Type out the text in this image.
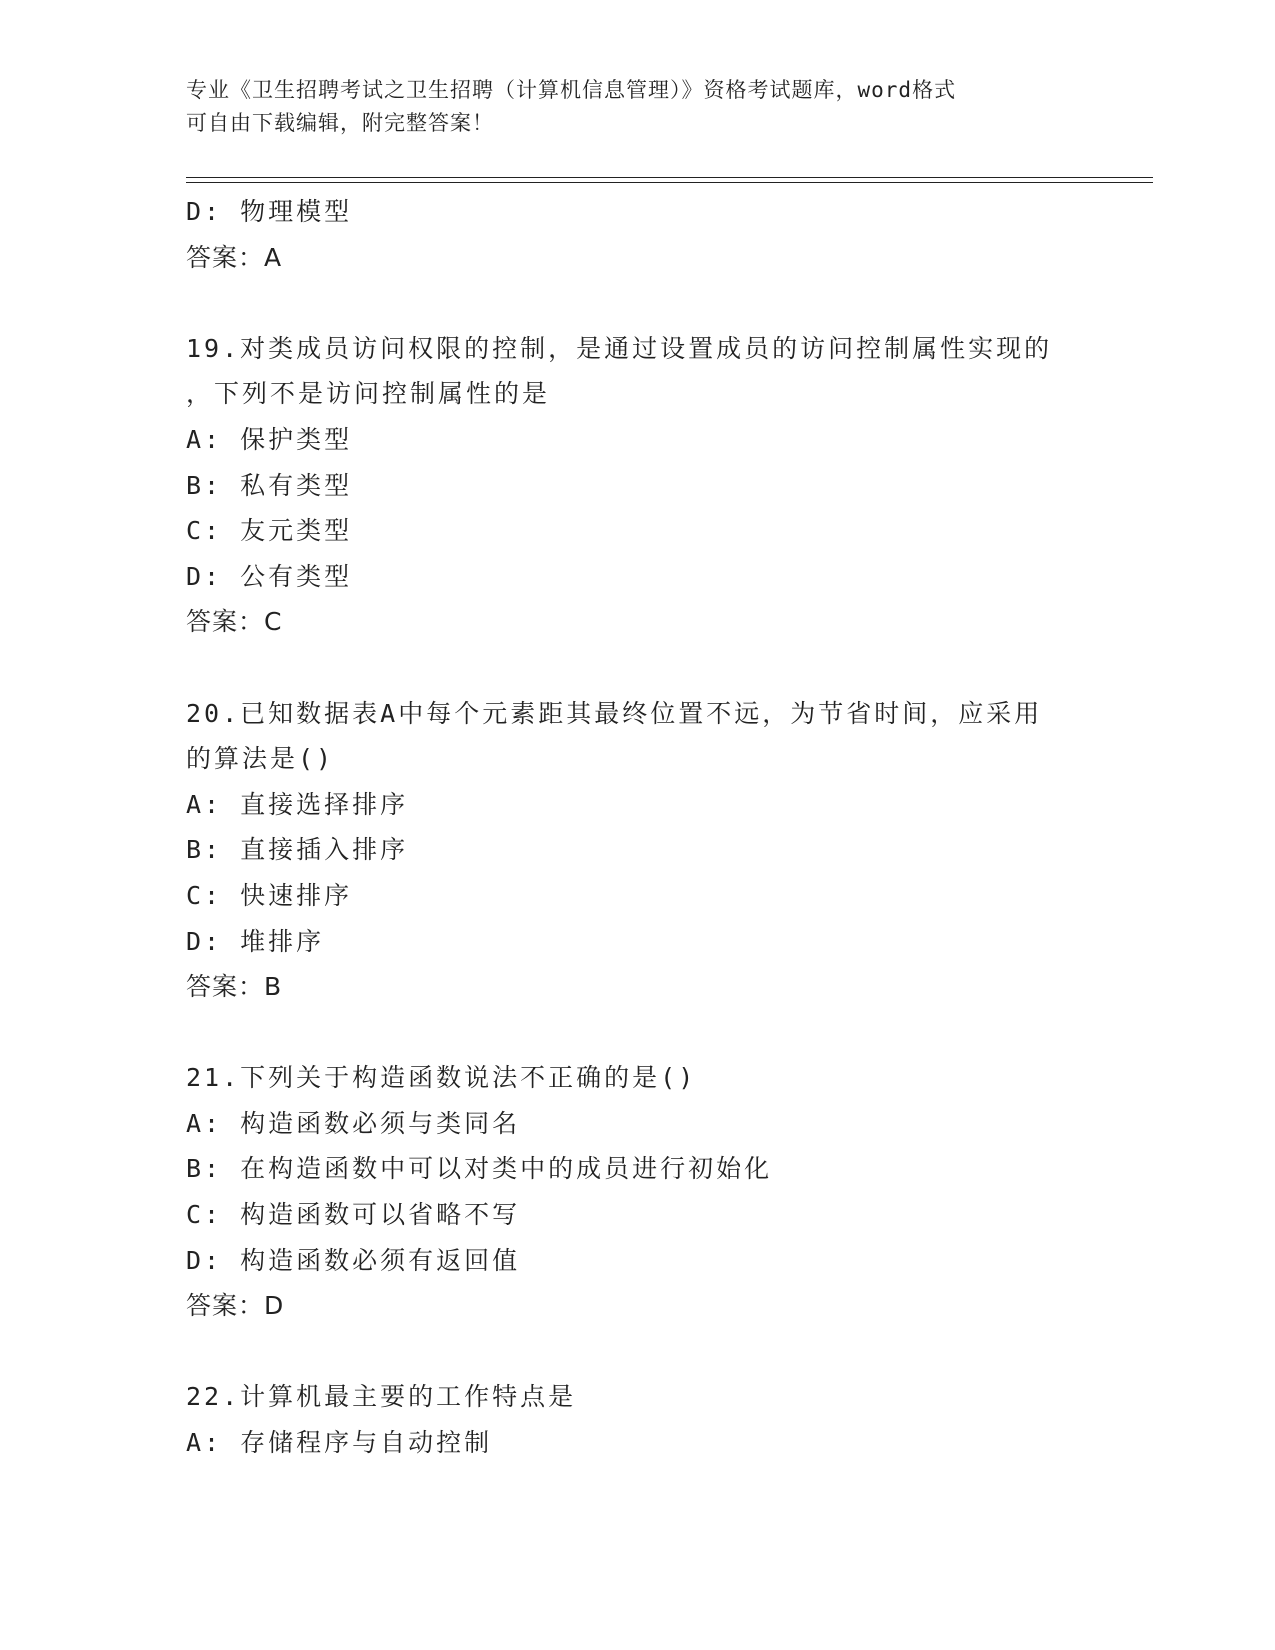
专业《卫生招聘考试之卫生招聘（计算机信息管理）》资格考试题库，word格式
可自由下载编辑，附完整答案！
D: 物理模型
答案：A
19.对类成员访问权限的控制，是通过设置成员的访问控制属性实现的
，下列不是访问控制属性的是
A: 保护类型
B: 私有类型
C: 友元类型
D: 公有类型
答案：C
20.已知数据表A中每个元素距其最终位置不远，为节省时间，应采用
的算法是()
A: 直接选择排序
B: 直接插入排序
C: 快速排序
D: 堆排序
答案：B
21.下列关于构造函数说法不正确的是()
A: 构造函数必须与类同名
B: 在构造函数中可以对类中的成员进行初始化
C: 构造函数可以省略不写
D: 构造函数必须有返回值
答案：D
22.计算机最主要的工作特点是
A: 存储程序与自动控制
